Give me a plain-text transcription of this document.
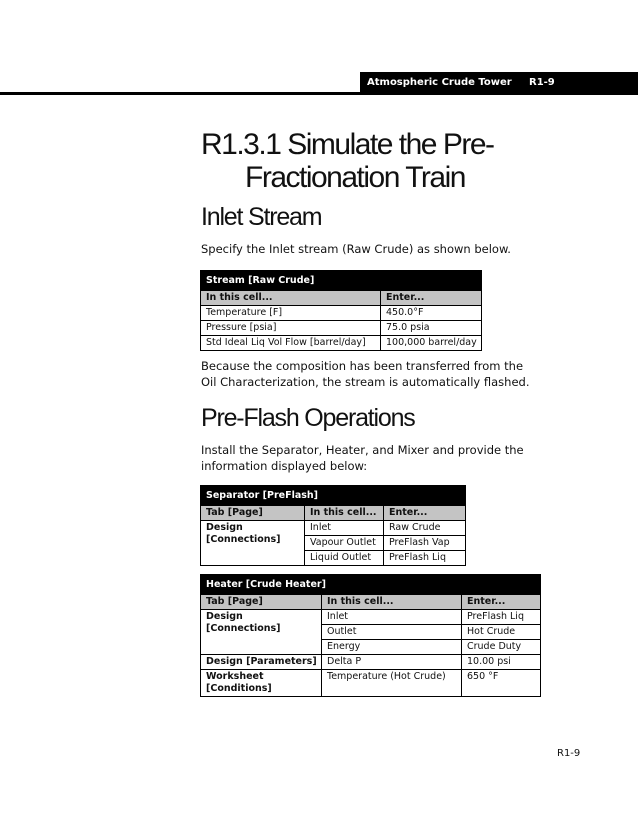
Atmospheric Crude Tower R1-9
R1.3.1 Simulate the Pre-
Fractionation Train
Inlet Stream

Specify the Inlet stream (Raw Crude) as shown below.

Stream [Raw Crude]	
In this cell...	Enter...
Temperature [F]	450.0°F
Pressure [psia]	75.0 psia
Std Ideal Liq Vol Flow [barrel/day]	100,000 barrel/day

Because the composition has been transferred from the Oil Characterization, the stream is automatically flashed.

Pre-Flash Operations

Install the Separator, Heater, and Mixer and provide the information displayed below:

Separator [PreFlash]		
Tab [Page]	In this cell...	Enter...
Design [Connections]	Inlet	Raw Crude
	Vapour Outlet	PreFlash Vap
	Liquid Outlet	PreFlash Liq
Heater [Crude Heater]		
Tab [Page]	In this cell...	Enter...
Design [Connections]	Inlet	PreFlash Liq
	Outlet	Hot Crude
	Energy	Crude Duty
Design [Parameters]	Delta P	10.00 psi

Worksheet [Conditions]	Temperature (Hot Crude)	650 °F
R1-9
